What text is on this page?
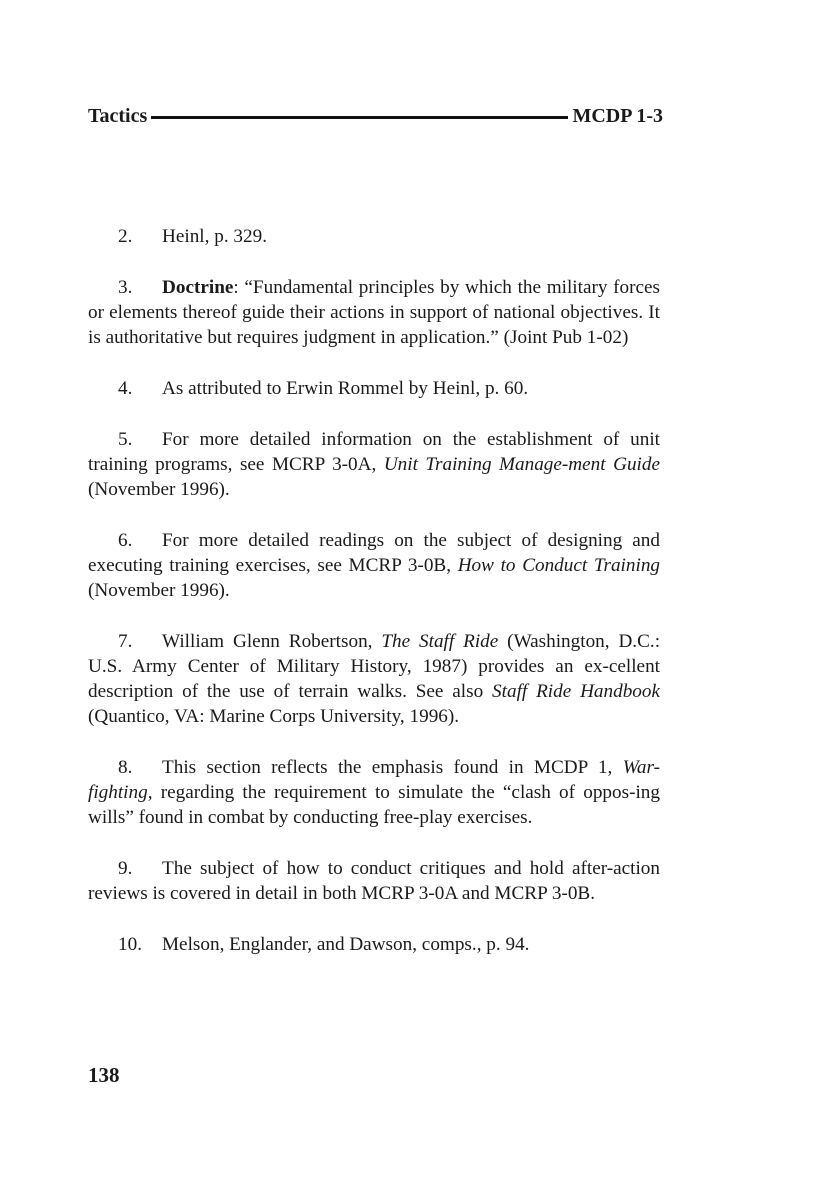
Tactics	MCDP 1-3

2. Heinl, p. 329.

3. Doctrine: “Fundamental principles by which the military forces or elements thereof guide their actions in support of national objectives. It is authoritative but requires judgment in application.” (Joint Pub 1-02)

4. As attributed to Erwin Rommel by Heinl, p. 60.

5. For more detailed information on the establishment of unit training programs, see MCRP 3-0A, Unit Training Manage-ment Guide (November 1996).

6. For more detailed readings on the subject of designing and executing training exercises, see MCRP 3-0B, How to Conduct Training (November 1996).

7. William Glenn Robertson, The Staff Ride (Washington, D.C.: U.S. Army Center of Military History, 1987) provides an ex-cellent description of the use of terrain walks. See also Staff Ride Handbook (Quantico, VA: Marine Corps University, 1996).

8. This section reflects the emphasis found in MCDP 1, War-fighting, regarding the requirement to simulate the “clash of oppos-ing wills” found in combat by conducting free-play exercises.

9. The subject of how to conduct critiques and hold after-action reviews is covered in detail in both MCRP 3-0A and MCRP 3-0B.

10. Melson, Englander, and Dawson, comps., p. 94.

138
